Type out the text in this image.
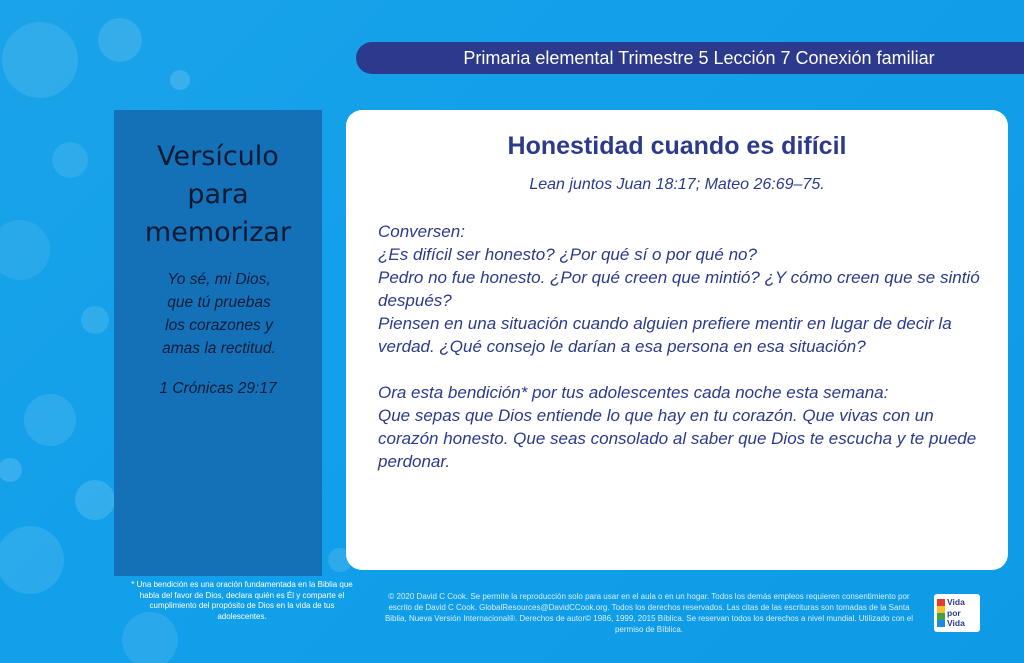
Primaria elemental Trimestre 5 Lección 7 Conexión familiar
Versículo
para
memorizar
Yo sé, mi Dios,
que tú pruebas
los corazones y
amas la rectitud.
1 Crónicas 29:17
* Una bendición es una oración fundamentada en la Biblia que habla del favor de Dios, declara quién es Él y comparte el cumplimiento del propósito de Dios en la vida de tus adolescentes.
Honestidad cuando es difícil
Lean juntos Juan 18:17; Mateo 26:69–75.

Conversen:

¿Es difícil ser honesto? ¿Por qué sí o por qué no?

Pedro no fue honesto. ¿Por qué creen que mintió? ¿Y cómo creen que se sintió después?

Piensen en una situación cuando alguien prefiere mentir en lugar de decir la verdad. ¿Qué consejo le darían a esa persona en esa situación?

Ora esta bendición* por tus adolescentes cada noche esta semana:

Que sepas que Dios entiende lo que hay en tu corazón. Que vivas con un corazón honesto. Que seas consolado al saber que Dios te escucha y te puede perdonar.

© 2020 David C Cook. Se permite la reproducción solo para usar en el aula o en un hogar. Todos los demás empleos requieren consentimiento por escrito de David C Cook. GlobalResources@DavidCCook.org. Todos los derechos reservados. Las citas de las escrituras son tomadas de la Santa Biblia, Nueva Versión Internacional®. Derechos de autor© 1986, 1999, 2015 Bíblica. Se reservan todos los derechos a nivel mundial. Utilizado con el permiso de Bíblica.
Vida
por
Vida
